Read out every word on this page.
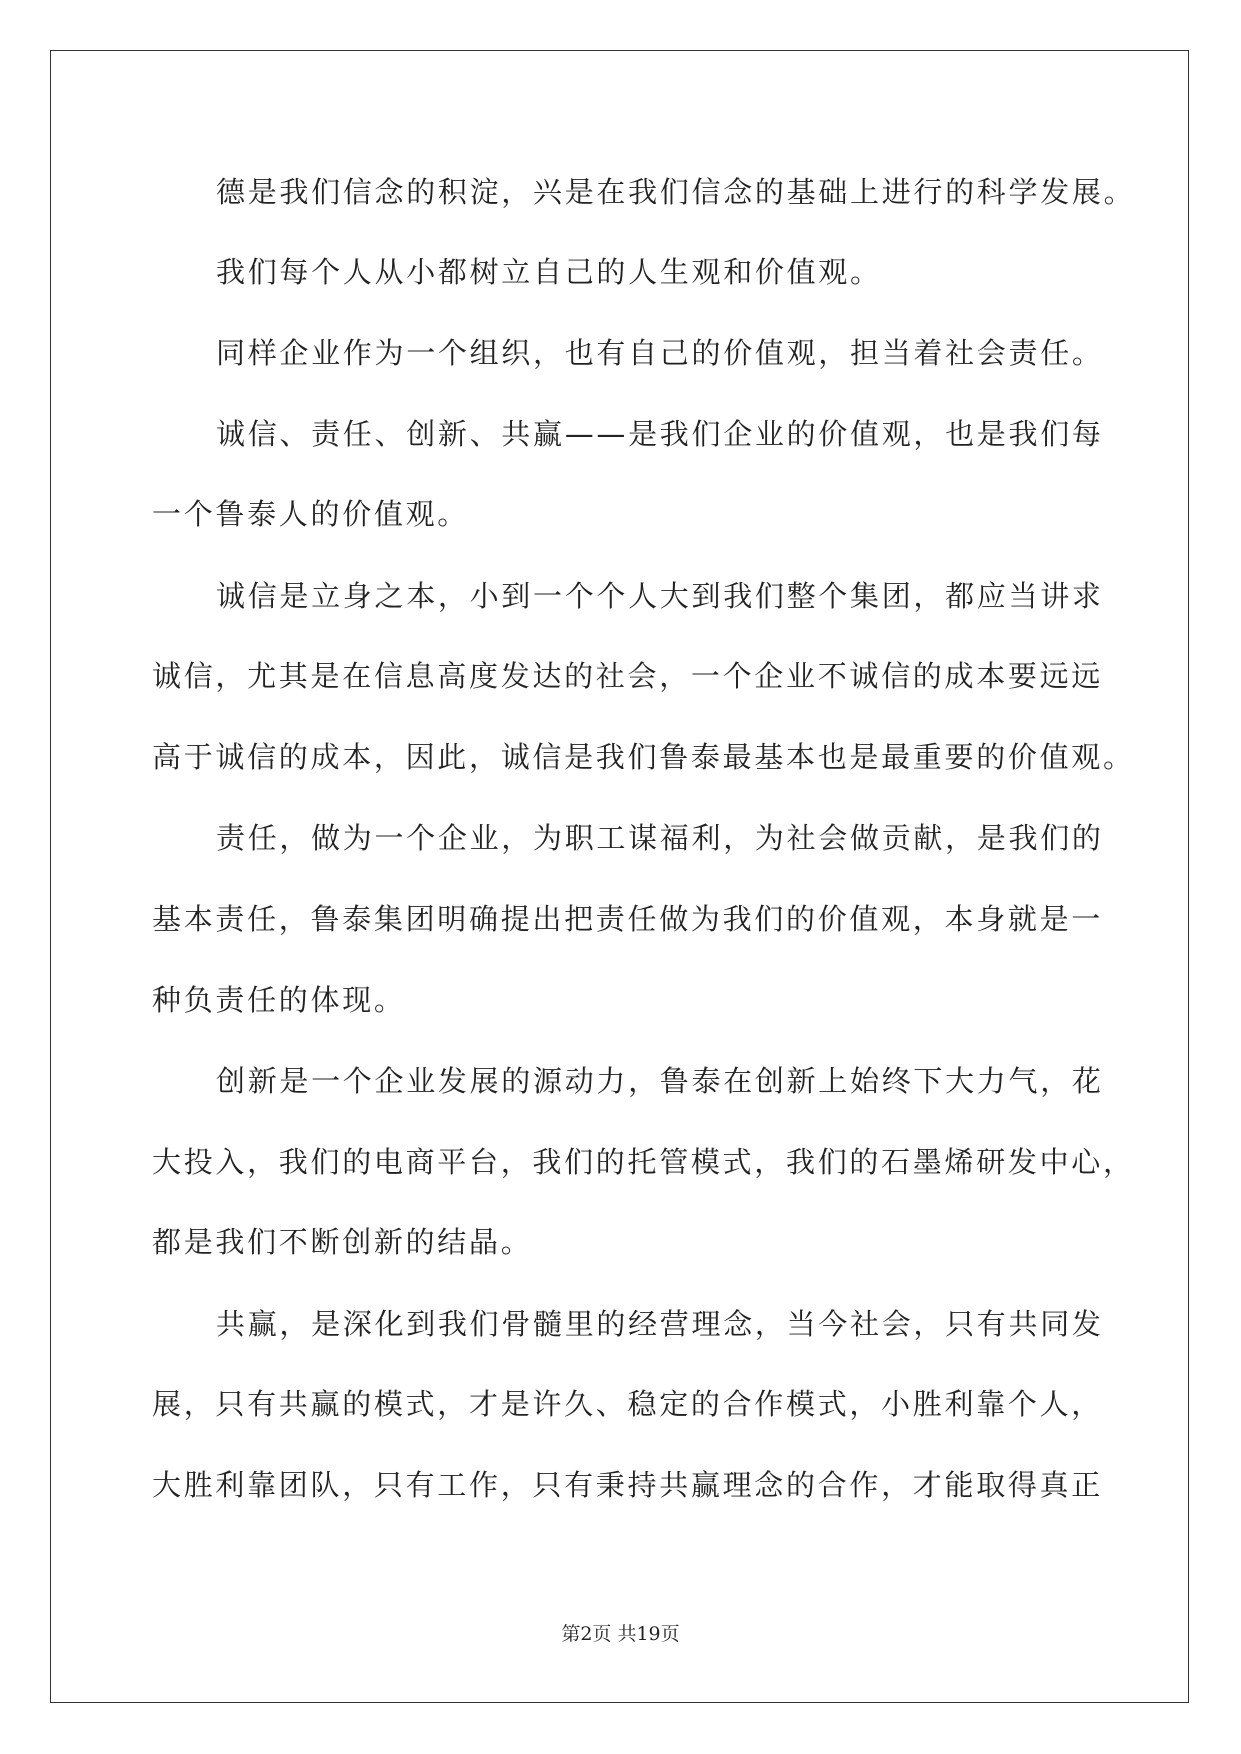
德是我们信念的积淀，兴是在我们信念的基础上进行的科学发展。
我们每个人从小都树立自己的人生观和价值观。
同样企业作为一个组织，也有自己的价值观，担当着社会责任。
诚信、责任、创新、共赢——是我们企业的价值观，也是我们每
一个鲁泰人的价值观。
诚信是立身之本，小到一个个人大到我们整个集团，都应当讲求
诚信，尤其是在信息高度发达的社会，一个企业不诚信的成本要远远
高于诚信的成本，因此，诚信是我们鲁泰最基本也是最重要的价值观。
责任，做为一个企业，为职工谋福利，为社会做贡献，是我们的
基本责任，鲁泰集团明确提出把责任做为我们的价值观，本身就是一
种负责任的体现。
创新是一个企业发展的源动力，鲁泰在创新上始终下大力气，花
大投入，我们的电商平台，我们的托管模式，我们的石墨烯研发中心，
都是我们不断创新的结晶。
共赢，是深化到我们骨髓里的经营理念，当今社会，只有共同发
展，只有共赢的模式，才是许久、稳定的合作模式，小胜利靠个人，
大胜利靠团队，只有工作，只有秉持共赢理念的合作，才能取得真正
第2页 共19页
